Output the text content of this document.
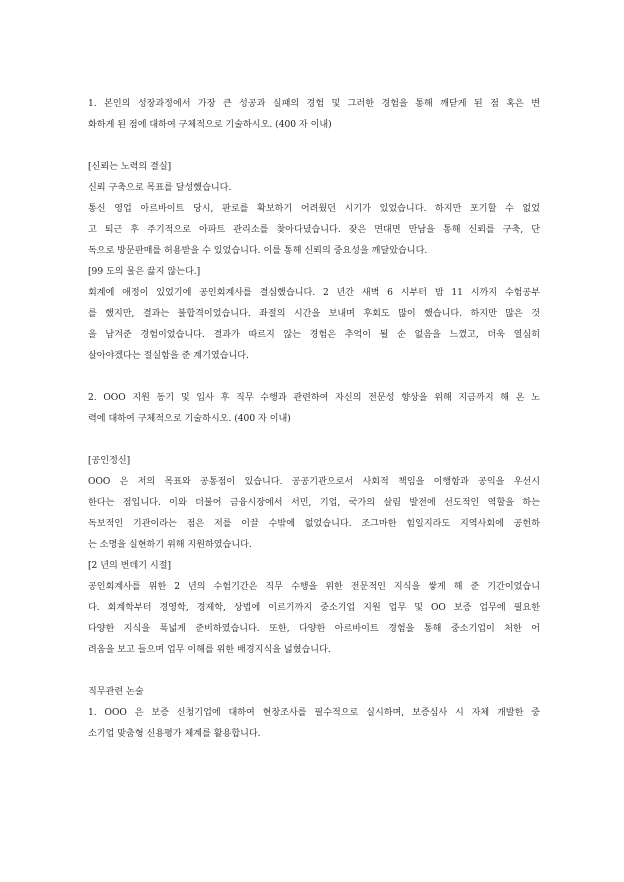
1. 본인의 성장과정에서 가장 큰 성공과 실패의 경험 및 그러한 경험을 통해 깨닫게 된 점 혹은 변

화하게 된 점에 대하여 구체적으로 기술하시오. (400 자 이내)

[신뢰는 노력의 결실]

신뢰 구축으로 목표를 달성했습니다.

통신 영업 아르바이트 당시, 판로를 확보하기 어려웠던 시기가 있었습니다. 하지만 포기할 수 없었

고 퇴근 후 주기적으로 아파트 관리소를 찾아다녔습니다. 잦은 면대면 만남을 통해 신뢰를 구축, 단

독으로 방문판매를 허용받을 수 있었습니다. 이를 통해 신뢰의 중요성을 깨달았습니다.

[99 도의 물은 끓지 않는다.]

회계에 애정이 있었기에 공인회계사를 결심했습니다. 2 년간 새벽 6 시부터 밤 11 시까지 수험공부

를 했지만, 결과는 불합격이었습니다. 좌절의 시간을 보내며 후회도 많이 했습니다. 하지만 많은 것

을 남겨준 경험이었습니다. 결과가 따르지 않는 경험은 추억이 될 순 없음을 느꼈고, 더욱 열심히

살아야겠다는 절실함을 준 계기였습니다.

2. OOO 지원 동기 및 입사 후 직무 수행과 관련하여 자신의 전문성 향상을 위해 지금까지 해 온 노

력에 대하여 구체적으로 기술하시오. (400 자 이내)

[공인정신]

OOO 은 저의 목표와 공통점이 있습니다. 공공기관으로서 사회적 책임을 이행함과 공익을 우선시

한다는 점입니다. 이와 더불어 금융시장에서 서민, 기업, 국가의 살림 발전에 선도적인 역할을 하는

독보적인 기관이라는 점은 저를 이끌 수밖에 없었습니다. 조그마한 힘일지라도 지역사회에 공헌하

는 소명을 실현하기 위해 지원하였습니다.

[2 년의 번데기 시절]

공인회계사를 위한 2 년의 수험기간은 직무 수행을 위한 전문적인 지식을 쌓게 해 준 기간이었습니

다. 회계학부터 경영학, 경제학, 상법에 이르기까지 중소기업 지원 업무 및 OO 보증 업무에 필요한

다양한 지식을 폭넓게 준비하였습니다. 또한, 다양한 아르바이트 경험을 통해 중소기업이 처한 어

려움을 보고 들으며 업무 이해를 위한 배경지식을 넓혔습니다.

직무관련 논술

1. OOO 은 보증 신청기업에 대하여 현장조사를 필수적으로 실시하며, 보증심사 시 자체 개발한 중

소기업 맞춤형 신용평가 체계를 활용합니다.
